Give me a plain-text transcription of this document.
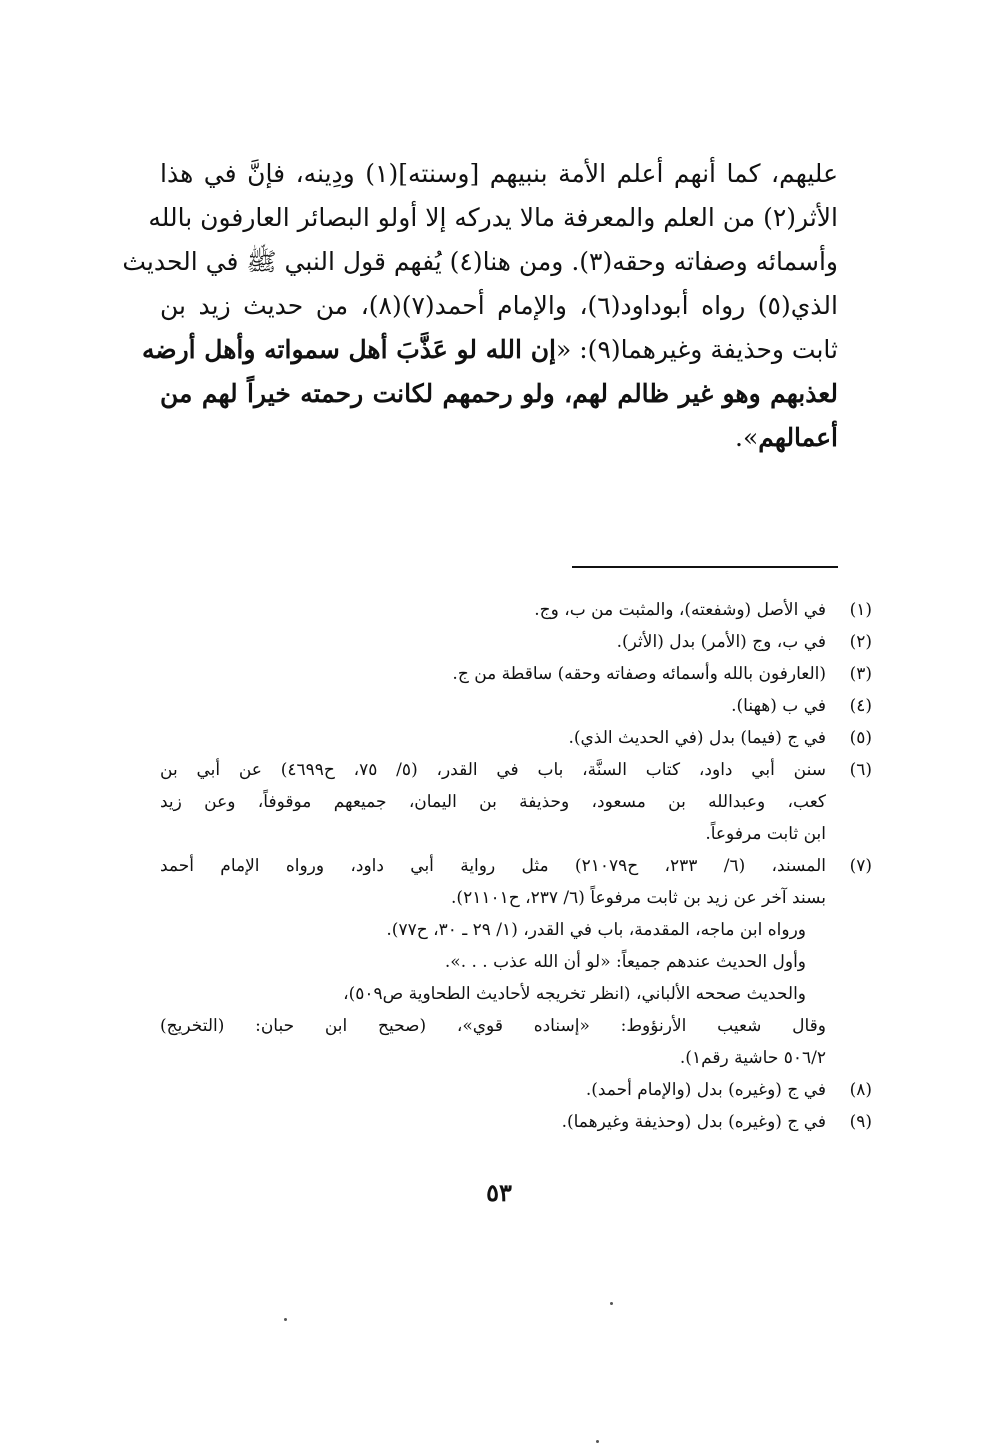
عليهم، كما أنهم أعلم الأمة بنبيهم [وسنته](١) ودِينه، فإنَّ في هذا
الأثر(٢) من العلم والمعرفة مالا يدركه إلا أولو البصائر العارفون بالله
وأسمائه وصفاته وحقه(٣). ومن هنا(٤) يُفهم قول النبي ﷺ في الحديث
الذي(٥) رواه أبوداود(٦)، والإمام أحمد(٧)(٨)، من حديث زيد بن
ثابت وحذيفة وغيرهما(٩): «إن الله لو عَذَّبَ أهل سمواته وأهل أرضه
لعذبهم وهو غير ظالم لهم، ولو رحمهم لكانت رحمته خيراً لهم من
أعمالهم».
(١)
في الأصل (وشفعته)، والمثبت من ب، وج.
(٢)
في ب، وج (الأمر) بدل (الأثر).
(٣)
(العارفون بالله وأسمائه وصفاته وحقه) ساقطة من ج.
(٤)
في ب (ههنا).
(٥)
في ج (فيما) بدل (في الحديث الذي).
(٦)
سنن أبي داود، كتاب السنَّة، باب في القدر، (٥/ ٧٥، ح٤٦٩٩) عن أبي بن
كعب، وعبدالله بن مسعود، وحذيفة بن اليمان، جميعهم موقوفاً، وعن زيد
ابن ثابت مرفوعاً.
(٧)
المسند، (٦/ ٢٣٣، ح٢١٠٧٩) مثل رواية أبي داود، ورواه الإمام أحمد
بسند آخر عن زيد بن ثابت مرفوعاً (٦/ ٢٣٧، ح٢١١٠١).
ورواه ابن ماجه، المقدمة، باب في القدر، (١/ ٢٩ ـ ٣٠، ح٧٧).
وأول الحديث عندهم جميعاً: «لو أن الله عذب . . .».
والحديث صححه الألباني، (انظر تخريجه لأحاديث الطحاوية ص٥٠٩)،
وقال شعيب الأرنؤوط: «إسناده قوي»، (صحيح ابن حبان: (التخريج)
٥٠٦/٢ حاشية رقم١).
(٨)
في ج (وغيره) بدل (والإمام أحمد).
(٩)
في ج (وغيره) بدل (وحذيفة وغيرهما).
٥٣
